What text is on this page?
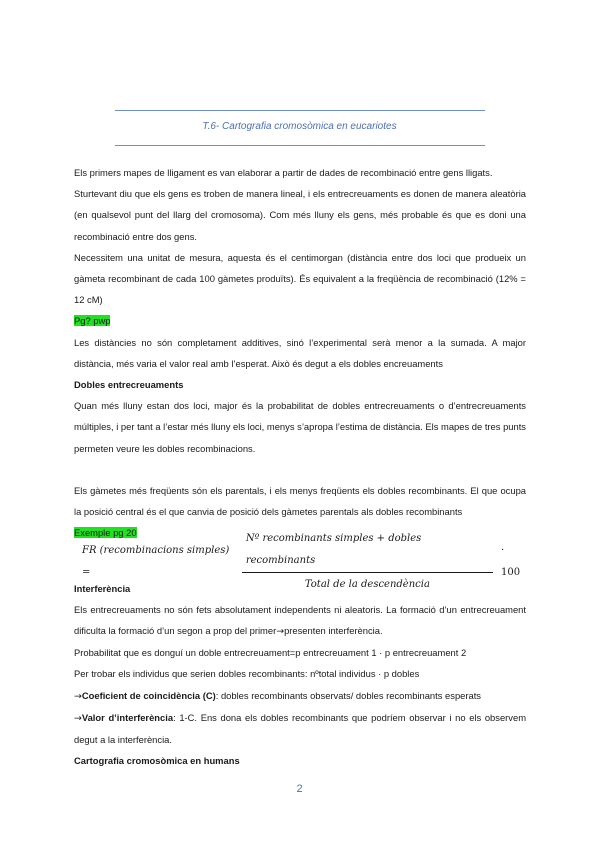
T.6- Cartografia cromosòmica en eucariotes

Els primers mapes de lligament es van elaborar a partir de dades de recombinació entre gens lligats.

Sturtevant diu que els gens es troben de manera lineal, i els entrecreuaments es donen de manera aleatòria (en qualsevol punt del llarg del cromosoma). Com més lluny els gens, més probable és que es doni una recombinació entre dos gens.

Necessitem una unitat de mesura, aquesta és el centimorgan (distància entre dos loci que produeix un gàmeta recombinant de cada 100 gàmetes produïts). És equivalent a la freqüència de recombinació (12% = 12 cM)

Pg? pwp

Les distàncies no són completament additives, sinó l’experimental serà menor a la sumada. A major distància, més varia el valor real amb l’esperat. Això és degut a els dobles encreuaments

Dobles entrecreuaments

Quan més lluny estan dos loci, major és la probabilitat de dobles entrecreuaments o d’entrecreuaments múltiples, i per tant a l’estar més lluny els loci, menys s’apropa l’estima de distància. Els mapes de tres punts permeten veure les dobles recombinacions.

Els gàmetes més freqüents són els parentals, i els menys freqüents els dobles recombinants. El que ocupa la posició central és el que canvia de posició dels gàmetes parentals als dobles recombinants

Exemple pg 20

FR (recombinacions simples) =	$\frac{\text{Nº recombinants simples + dobles recombinants}}{\text{Total de la descendència}} \cdot 100$

Interferència

Els entrecreuaments no són fets absolutament independents ni aleatoris. La formació d’un entrecreuament dificulta la formació d’un segon a prop del primer→presenten interferència.

Probabilitat que es donguí un doble entrecreuament=p entrecreuament 1 · p entrecreuament 2

Per trobar els individus que serien dobles recombinants: nºtotal individus · p dobles

→Coeficient de coincidència (C): dobles recombinants observats/ dobles recombinants esperats

→Valor d’interferència: 1-C. Ens dona els dobles recombinants que podríem observar i no els observem degut a la interferència.

Cartografia cromosòmica en humans

2
